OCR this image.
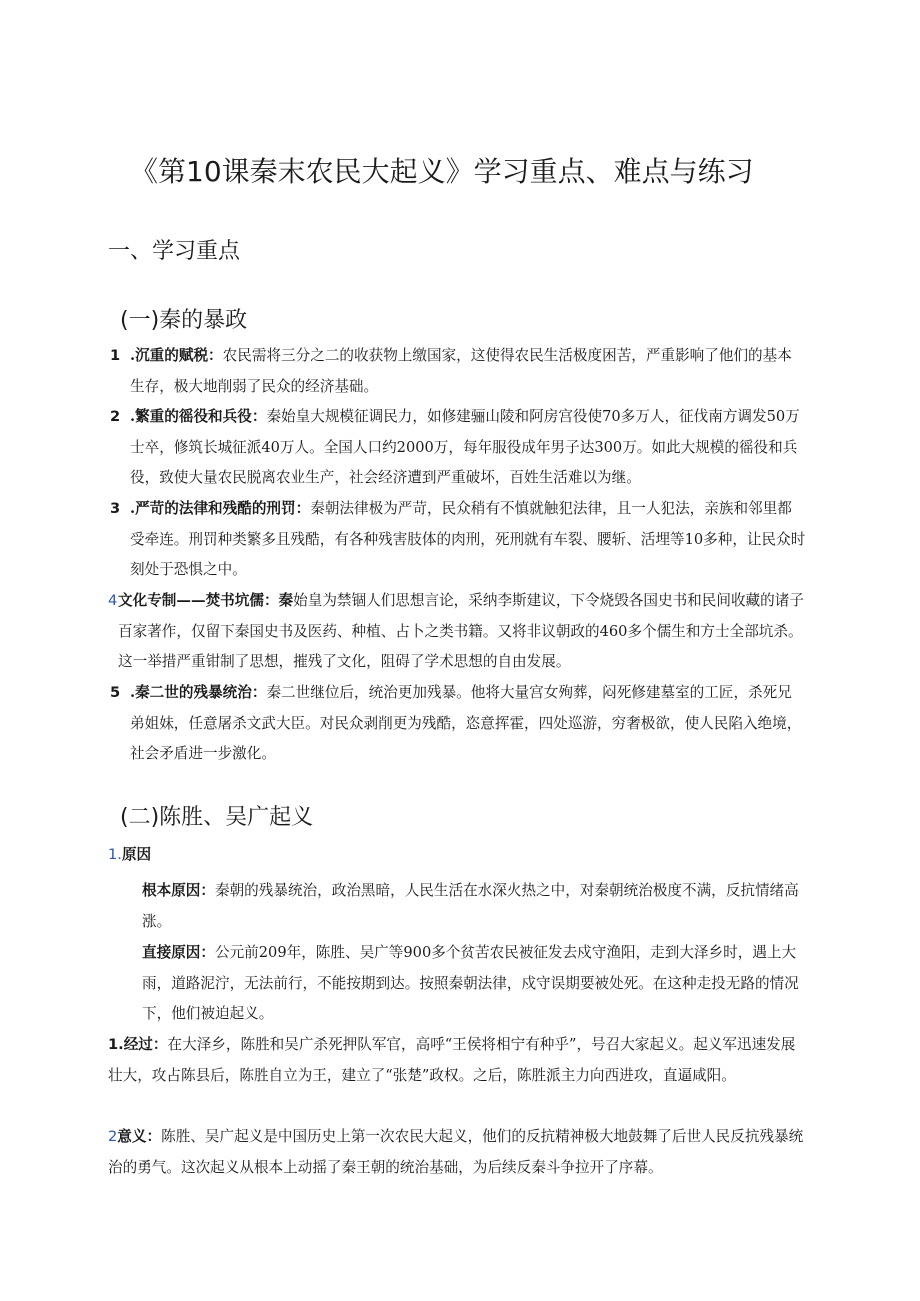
《第10课秦末农民大起义》学习重点、难点与练习
一、学习重点
(一)秦的暴政
1 .沉重的赋税：农民需将三分之二的收获物上缴国家，这使得农民生活极度困苦，严重影响了他们的基本生存，极大地削弱了民众的经济基础。
2 .繁重的徭役和兵役：秦始皇大规模征调民力，如修建骊山陵和阿房宫役使70多万人，征伐南方调发50万士卒，修筑长城征派40万人。全国人口约2000万，每年服役成年男子达300万。如此大规模的徭役和兵役，致使大量农民脱离农业生产，社会经济遭到严重破坏，百姓生活难以为继。
3 .严苛的法律和残酷的刑罚：秦朝法律极为严苛，民众稍有不慎就触犯法律，且一人犯法，亲族和邻里都受牵连。刑罚种类繁多且残酷，有各种残害肢体的肉刑，死刑就有车裂、腰斩、活埋等10多种，让民众时刻处于恐惧之中。
4 文化专制——焚书坑儒：秦始皇为禁锢人们思想言论，采纳李斯建议，下令烧毁各国史书和民间收藏的诸子百家著作，仅留下秦国史书及医药、种植、占卜之类书籍。又将非议朝政的460多个儒生和方士全部坑杀。这一举措严重钳制了思想，摧残了文化，阻碍了学术思想的自由发展。
5 .秦二世的残暴统治：秦二世继位后，统治更加残暴。他将大量宫女殉葬，闷死修建墓室的工匠，杀死兄弟姐妹，任意屠杀文武大臣。对民众剥削更为残酷，恣意挥霍，四处巡游，穷奢极欲，使人民陷入绝境，社会矛盾进一步激化。
(二)陈胜、吴广起义
1.原因
根本原因：秦朝的残暴统治，政治黑暗，人民生活在水深火热之中，对秦朝统治极度不满，反抗情绪高涨。
直接原因：公元前209年，陈胜、吴广等900多个贫苦农民被征发去戍守渔阳，走到大泽乡时，遇上大雨，道路泥泞，无法前行，不能按期到达。按照秦朝法律，戍守误期要被处死。在这种走投无路的情况下，他们被迫起义。
1.经过：在大泽乡，陈胜和吴广杀死押队军官，高呼“王侯将相宁有种乎”，号召大家起义。起义军迅速发展壮大，攻占陈县后，陈胜自立为王，建立了“张楚”政权。之后，陈胜派主力向西进攻，直逼咸阳。
2意义：陈胜、吴广起义是中国历史上第一次农民大起义，他们的反抗精神极大地鼓舞了后世人民反抗残暴统治的勇气。这次起义从根本上动摇了秦王朝的统治基础，为后续反秦斗争拉开了序幕。
